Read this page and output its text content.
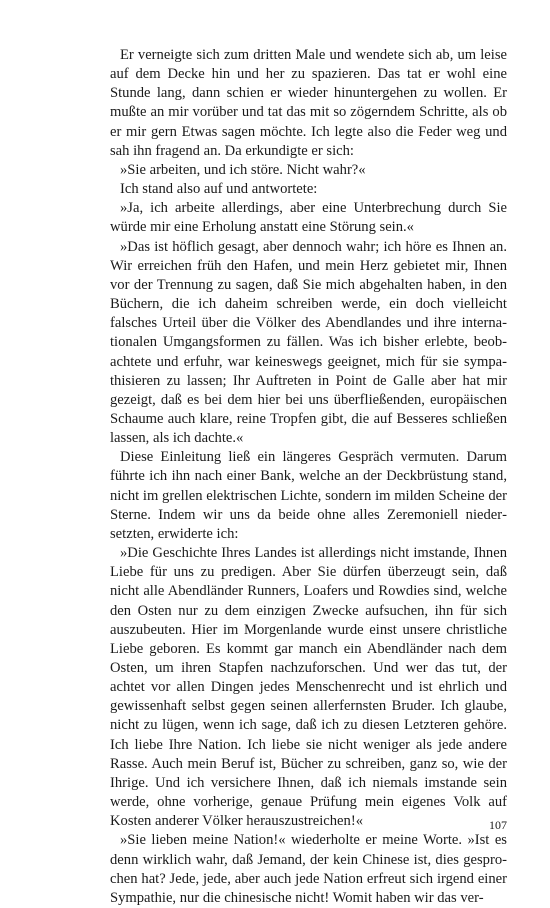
Er verneigte sich zum dritten Male und wendete sich ab, um leise auf dem Decke hin und her zu spazieren. Das tat er wohl eine Stunde lang, dann schien er wieder hinuntergehen zu wollen. Er mußte an mir vorüber und tat das mit so zögerndem Schritte, als ob er mir gern Etwas sagen möchte. Ich legte also die Feder weg und sah ihn fragend an. Da erkundigte er sich:

»Sie arbeiten, und ich störe. Nicht wahr?«

Ich stand also auf und antwortete:

»Ja, ich arbeite allerdings, aber eine Unterbrechung durch Sie würde mir eine Erholung anstatt eine Störung sein.«

»Das ist höflich gesagt, aber dennoch wahr; ich höre es Ihnen an. Wir erreichen früh den Hafen, und mein Herz gebietet mir, Ihnen vor der Trennung zu sagen, daß Sie mich abgehalten haben, in den Büchern, die ich daheim schreiben werde, ein doch vielleicht falsches Urteil über die Völker des Abendlandes und ihre internationalen Umgangsformen zu fällen. Was ich bisher erlebte, beobachtete und erfuhr, war keineswegs geeignet, mich für sie sympathisieren zu lassen; Ihr Auftreten in Point de Galle aber hat mir gezeigt, daß es bei dem hier bei uns überfließenden, europäischen Schaume auch klare, reine Tropfen gibt, die auf Besseres schließen lassen, als ich dachte.«

Diese Einleitung ließ ein längeres Gespräch vermuten. Darum führte ich ihn nach einer Bank, welche an der Deckbrüstung stand, nicht im grellen elektrischen Lichte, sondern im milden Scheine der Sterne. Indem wir uns da beide ohne alles Zeremoniell niedersetzten, erwiderte ich:

»Die Geschichte Ihres Landes ist allerdings nicht imstande, Ihnen Liebe für uns zu predigen. Aber Sie dürfen überzeugt sein, daß nicht alle Abendländer Runners, Loafers und Rowdies sind, welche den Osten nur zu dem einzigen Zwecke aufsuchen, ihn für sich auszubeuten. Hier im Morgenlande wurde einst unsere christliche Liebe geboren. Es kommt gar manch ein Abendländer nach dem Osten, um ihren Stapfen nachzuforschen. Und wer das tut, der achtet vor allen Dingen jedes Menschenrecht und ist ehrlich und gewissenhaft selbst gegen seinen allerfernsten Bruder. Ich glaube, nicht zu lügen, wenn ich sage, daß ich zu diesen Letzteren gehöre. Ich liebe Ihre Nation. Ich liebe sie nicht weniger als jede andere Rasse. Auch mein Beruf ist, Bücher zu schreiben, ganz so, wie der Ihrige. Und ich versichere Ihnen, daß ich niemals imstande sein werde, ohne vorherige, genaue Prüfung mein eigenes Volk auf Kosten anderer Völker herauszustreichen!«

»Sie lieben meine Nation!« wiederholte er meine Worte. »Ist es denn wirklich wahr, daß Jemand, der kein Chinese ist, dies gesprochen hat? Jede, jede, aber auch jede Nation erfreut sich irgend einer Sympathie, nur die chinesische nicht! Womit haben wir das ver-

107
